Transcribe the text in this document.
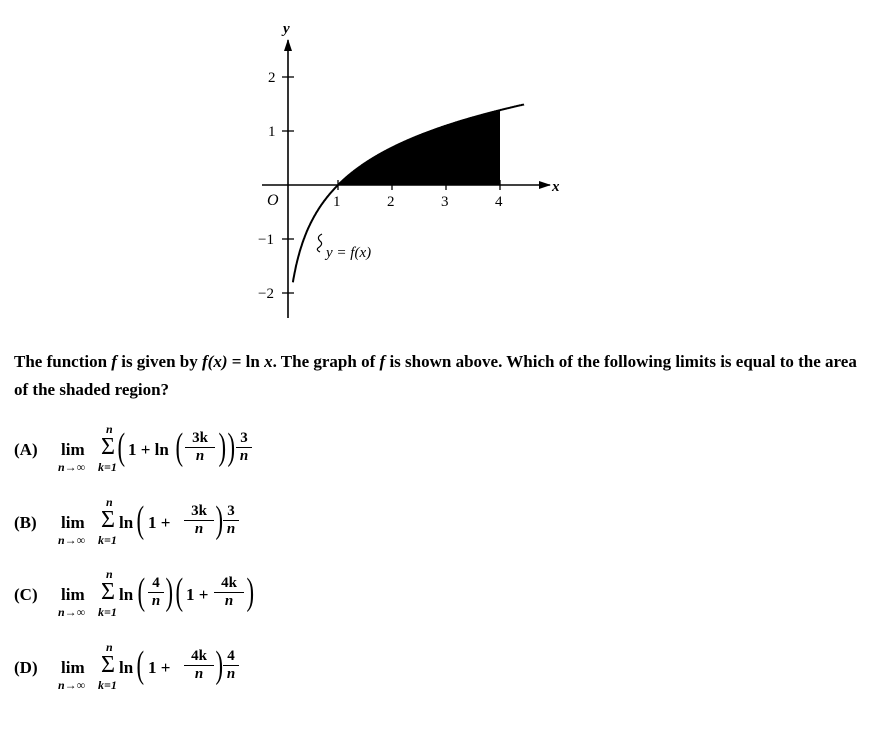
y
x
O	1	2	3	4
2
1
−1
−2
y = f(x)
The function f is given by f(x) = ln x. The graph of f is shown above. Which of the following limits is equal to the area of the shaded region?
(A) lim
n→∞
n
Σ
k=1 ( 1 + ln ( $\frac{3k}{n}$ ) ) $\frac{3}{n}$
(B) lim
n→∞
n
Σ
k=1
ln ( $1 + \frac{3k}{n}$ ) $\frac{3}{n}$
(C) lim
n→∞
n
Σ
k=1
ln ( $\frac{4}{n}$ ) ( $1 + \frac{4k}{n}$ )
(D) lim
n→∞
n
Σ
k=1
ln ( $1 + \frac{4k}{n}$ ) $\frac{4}{n}$
